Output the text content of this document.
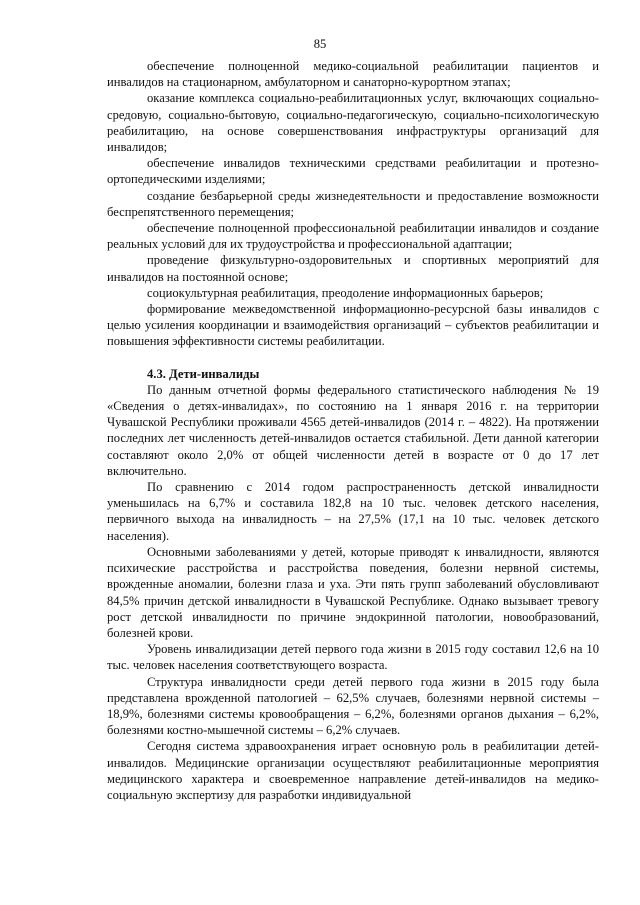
85

обеспечение полноценной медико-социальной реабилитации пациентов и инвалидов на стационарном, амбулаторном и санаторно-курортном этапах;

оказание комплекса социально-реабилитационных услуг, включающих социально-средовую, социально-бытовую, социально-педагогическую, социально-психологическую реабилитацию, на основе совершенствования инфраструктуры организаций для инвалидов;

обеспечение инвалидов техническими средствами реабилитации и протезно-ортопедическими изделиями;

создание безбарьерной среды жизнедеятельности и предоставление возможности беспрепятственного перемещения;

обеспечение полноценной профессиональной реабилитации инвалидов и создание реальных условий для их трудоустройства и профессиональной адаптации;

проведение физкультурно-оздоровительных и спортивных мероприятий для инвалидов на постоянной основе;

социокультурная реабилитация, преодоление информационных барьеров;

формирование межведомственной информационно-ресурсной базы инвалидов с целью усиления координации и взаимодействия организаций – субъектов реабилитации и повышения эффективности системы реабилитации.

4.3. Дети-инвалиды

По данным отчетной формы федерального статистического наблюдения № 19 «Сведения о детях-инвалидах», по состоянию на 1 января 2016 г. на территории Чувашской Республики проживали 4565 детей-инвалидов (2014 г. – 4822). На протяжении последних лет численность детей-инвалидов остается стабильной. Дети данной категории составляют около 2,0% от общей численности детей в возрасте от 0 до 17 лет включительно.

По сравнению с 2014 годом распространенность детской инвалидности уменьшилась на 6,7% и составила 182,8 на 10 тыс. человек детского населения, первичного выхода на инвалидность – на 27,5% (17,1 на 10 тыс. человек детского населения).

Основными заболеваниями у детей, которые приводят к инвалидности, являются психические расстройства и расстройства поведения, болезни нервной системы, врожденные аномалии, болезни глаза и уха. Эти пять групп заболеваний обусловливают 84,5% причин детской инвалидности в Чувашской Республике. Однако вызывает тревогу рост детской инвалидности по причине эндокринной патологии, новообразований, болезней крови.

Уровень инвалидизации детей первого года жизни в 2015 году составил 12,6 на 10 тыс. человек населения соответствующего возраста.

Структура инвалидности среди детей первого года жизни в 2015 году была представлена врожденной патологией – 62,5% случаев, болезнями нервной системы – 18,9%, болезнями системы кровообращения – 6,2%, болезнями органов дыхания – 6,2%, болезнями костно-мышечной системы – 6,2% случаев.

Сегодня система здравоохранения играет основную роль в реабилитации детей-инвалидов. Медицинские организации осуществляют реабилитационные мероприятия медицинского характера и своевременное направление детей-инвалидов на медико-социальную экспертизу для разработки индивидуальной
